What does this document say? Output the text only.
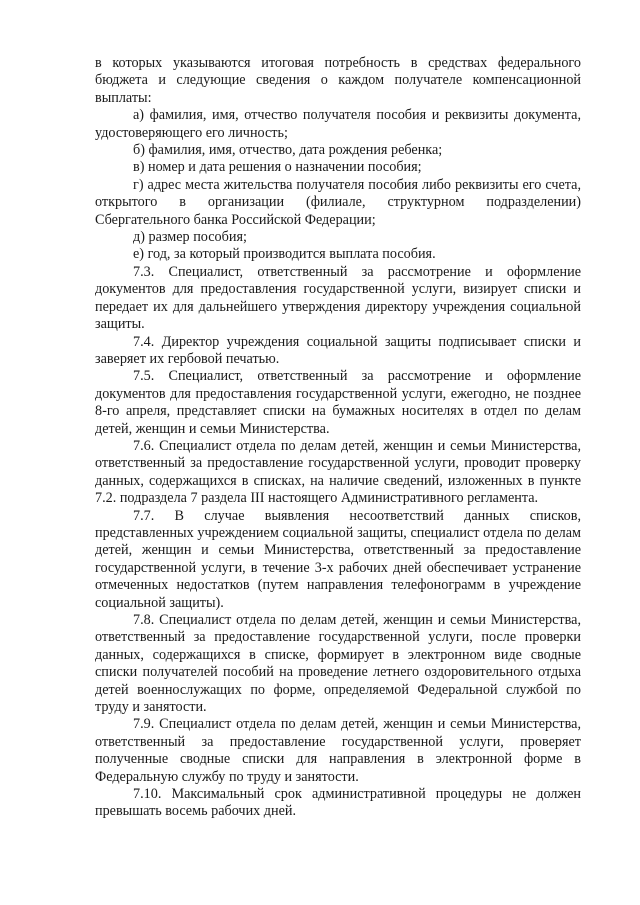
в которых указываются итоговая потребность в средствах федерального бюджета и следующие сведения о каждом получателе компенсационной выплаты:

а) фамилия, имя, отчество получателя пособия и реквизиты документа, удостоверяющего его личность;

б) фамилия, имя, отчество, дата рождения ребенка;

в) номер и дата решения о назначении пособия;

г) адрес места жительства получателя пособия либо реквизиты его счета, открытого в организации (филиале, структурном подразделении) Сбергательного банка Российской Федерации;

д) размер пособия;

е) год, за который производится выплата пособия.

7.3. Специалист, ответственный за рассмотрение и оформление документов для предоставления государственной услуги, визирует списки и передает их для дальнейшего утверждения директору учреждения социальной защиты.

7.4. Директор учреждения социальной защиты подписывает списки и заверяет их гербовой печатью.

7.5. Специалист, ответственный за рассмотрение и оформление документов для предоставления государственной услуги, ежегодно, не позднее 8-го апреля, представляет списки на бумажных носителях в отдел по делам детей, женщин и семьи Министерства.

7.6. Специалист отдела по делам детей, женщин и семьи Министерства, ответственный за предоставление государственной услуги, проводит проверку данных, содержащихся в списках, на наличие сведений, изложенных в пункте 7.2. подраздела 7 раздела III настоящего Административного регламента.

7.7. В случае выявления несоответствий данных списков, представленных учреждением социальной защиты, специалист отдела по делам детей, женщин и семьи Министерства, ответственный за предоставление государственной услуги, в течение 3-х рабочих дней обеспечивает устранение отмеченных недостатков (путем направления телефонограмм в учреждение социальной защиты).

7.8. Специалист отдела по делам детей, женщин и семьи Министерства, ответственный за предоставление государственной услуги, после проверки данных, содержащихся в списке, формирует в электронном виде сводные списки получателей пособий на проведение летнего оздоровительного отдыха детей военнослужащих по форме, определяемой Федеральной службой по труду и занятости.

7.9. Специалист отдела по делам детей, женщин и семьи Министерства, ответственный за предоставление государственной услуги, проверяет полученные сводные списки для направления в электронной форме в Федеральную службу по труду и занятости.

7.10. Максимальный срок административной процедуры не должен превышать восемь рабочих дней.
